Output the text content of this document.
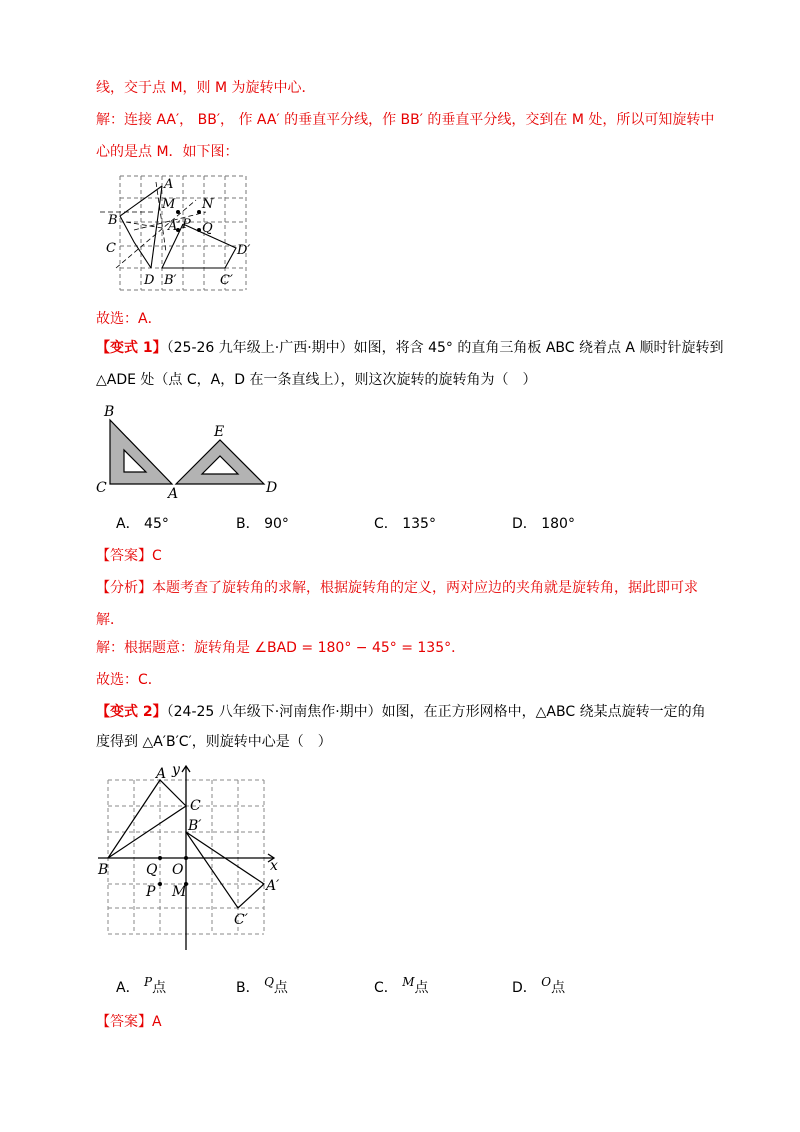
线，交于点 M，则 M 为旋转中心．
解：连接 AA′， BB′， 作 AA′ 的垂直平分线，作 BB′ 的垂直平分线，交到在 M 处，所以可知旋转中
心的是点 M．如下图：
A
M N
B	A′ P Q
C	D′
D B′	C′
故选：A．
【变式 1】（25-26 九年级上·广西·期中）如图，将含 45° 的直角三角板 ABC 绕着点 A 顺时针旋转到
△ADE 处（点 C，A，D 在一条直线上），则这次旋转的旋转角为（　）
B
E
C	A	D
A． 45°	B． 90°	C． 135°	D． 180°
【答案】C
【分析】本题考查了旋转角的求解，根据旋转角的定义，两对应边的夹角就是旋转角，据此即可求
解．
解：根据题意：旋转角是 ∠BAD = 180° − 45° = 135°．
故选：C．
【变式 2】（24-25 八年级下·河南焦作·期中）如图，在正方形网格中，△ABC 绕某点旋转一定的角
度得到 △A′B′C′，则旋转中心是（　）
y
A
C
B′
B	Q O	x
P M	A′
C′
A． P点	B． Q点	C． M点	D． O点
【答案】A
